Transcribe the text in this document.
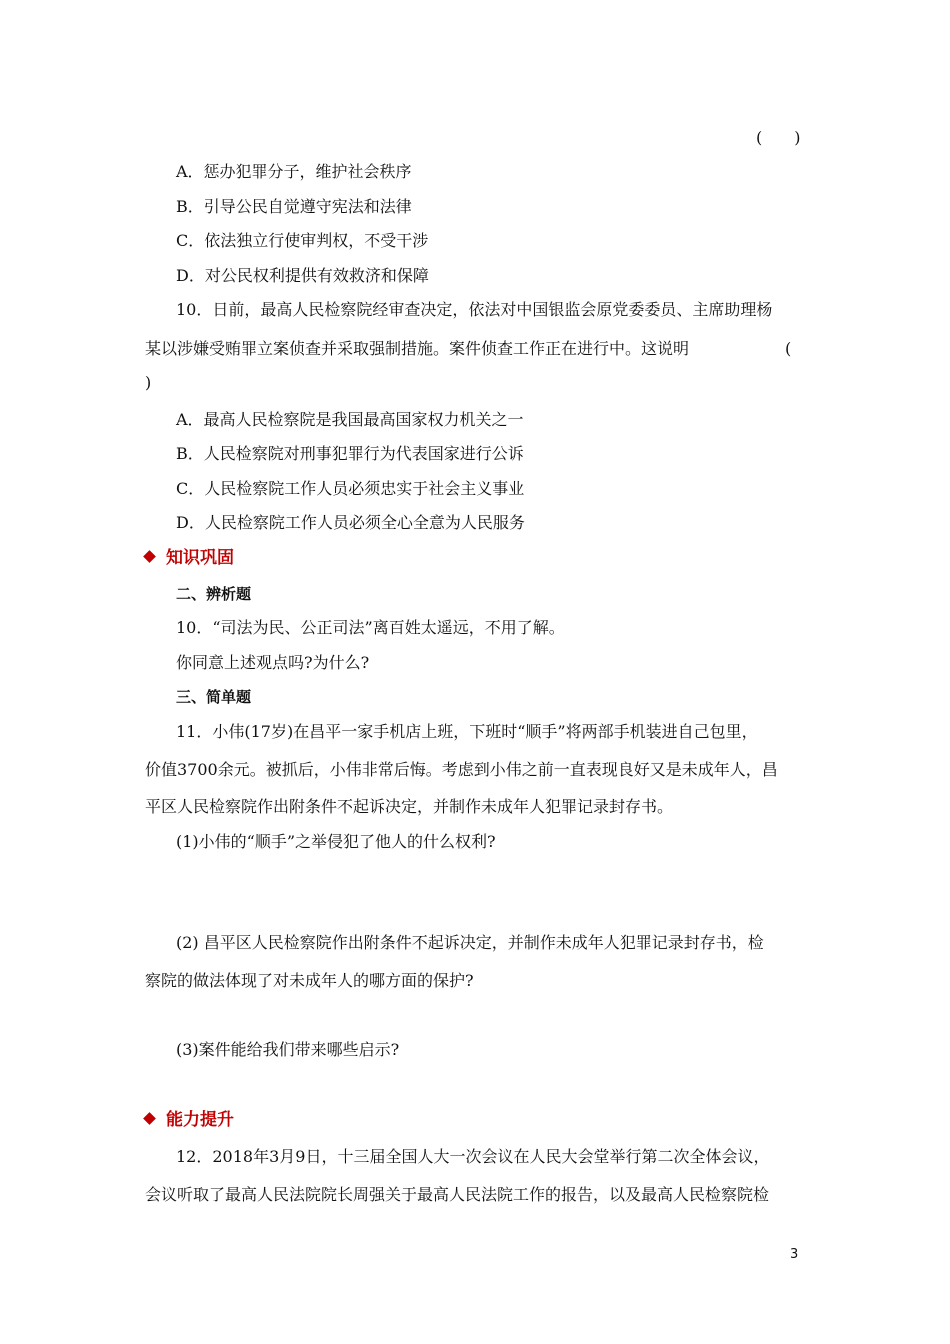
(　　)
A．惩办犯罪分子，维护社会秩序
B．引导公民自觉遵守宪法和法律
C．依法独立行使审判权，不受干涉
D．对公民权利提供有效救济和保障
10．日前，最高人民检察院经审查决定，依法对中国银监会原党委委员、主席助理杨
某以涉嫌受贿罪立案侦查并采取强制措施。案件侦查工作正在进行中。这说明	(
)
A．最高人民检察院是我国最高国家权力机关之一
B．人民检察院对刑事犯罪行为代表国家进行公诉
C．人民检察院工作人员必须忠实于社会主义事业
D．人民检察院工作人员必须全心全意为人民服务
知识巩固
二、辨析题
10．“司法为民、公正司法”离百姓太遥远，不用了解。
你同意上述观点吗?为什么?
三、简单题
11．小伟(17岁)在昌平一家手机店上班，下班时“顺手”将两部手机装进自己包里，
价值3700余元。被抓后，小伟非常后悔。考虑到小伟之前一直表现良好又是未成年人，昌
平区人民检察院作出附条件不起诉决定，并制作未成年人犯罪记录封存书。
(1)小伟的“顺手”之举侵犯了他人的什么权利?
(2) 昌平区人民检察院作出附条件不起诉决定，并制作未成年人犯罪记录封存书，检
察院的做法体现了对未成年人的哪方面的保护?
(3)案件能给我们带来哪些启示?
能力提升
12．2018年3月9日，十三届全国人大一次会议在人民大会堂举行第二次全体会议，
会议听取了最高人民法院院长周强关于最高人民法院工作的报告，以及最高人民检察院检
3
